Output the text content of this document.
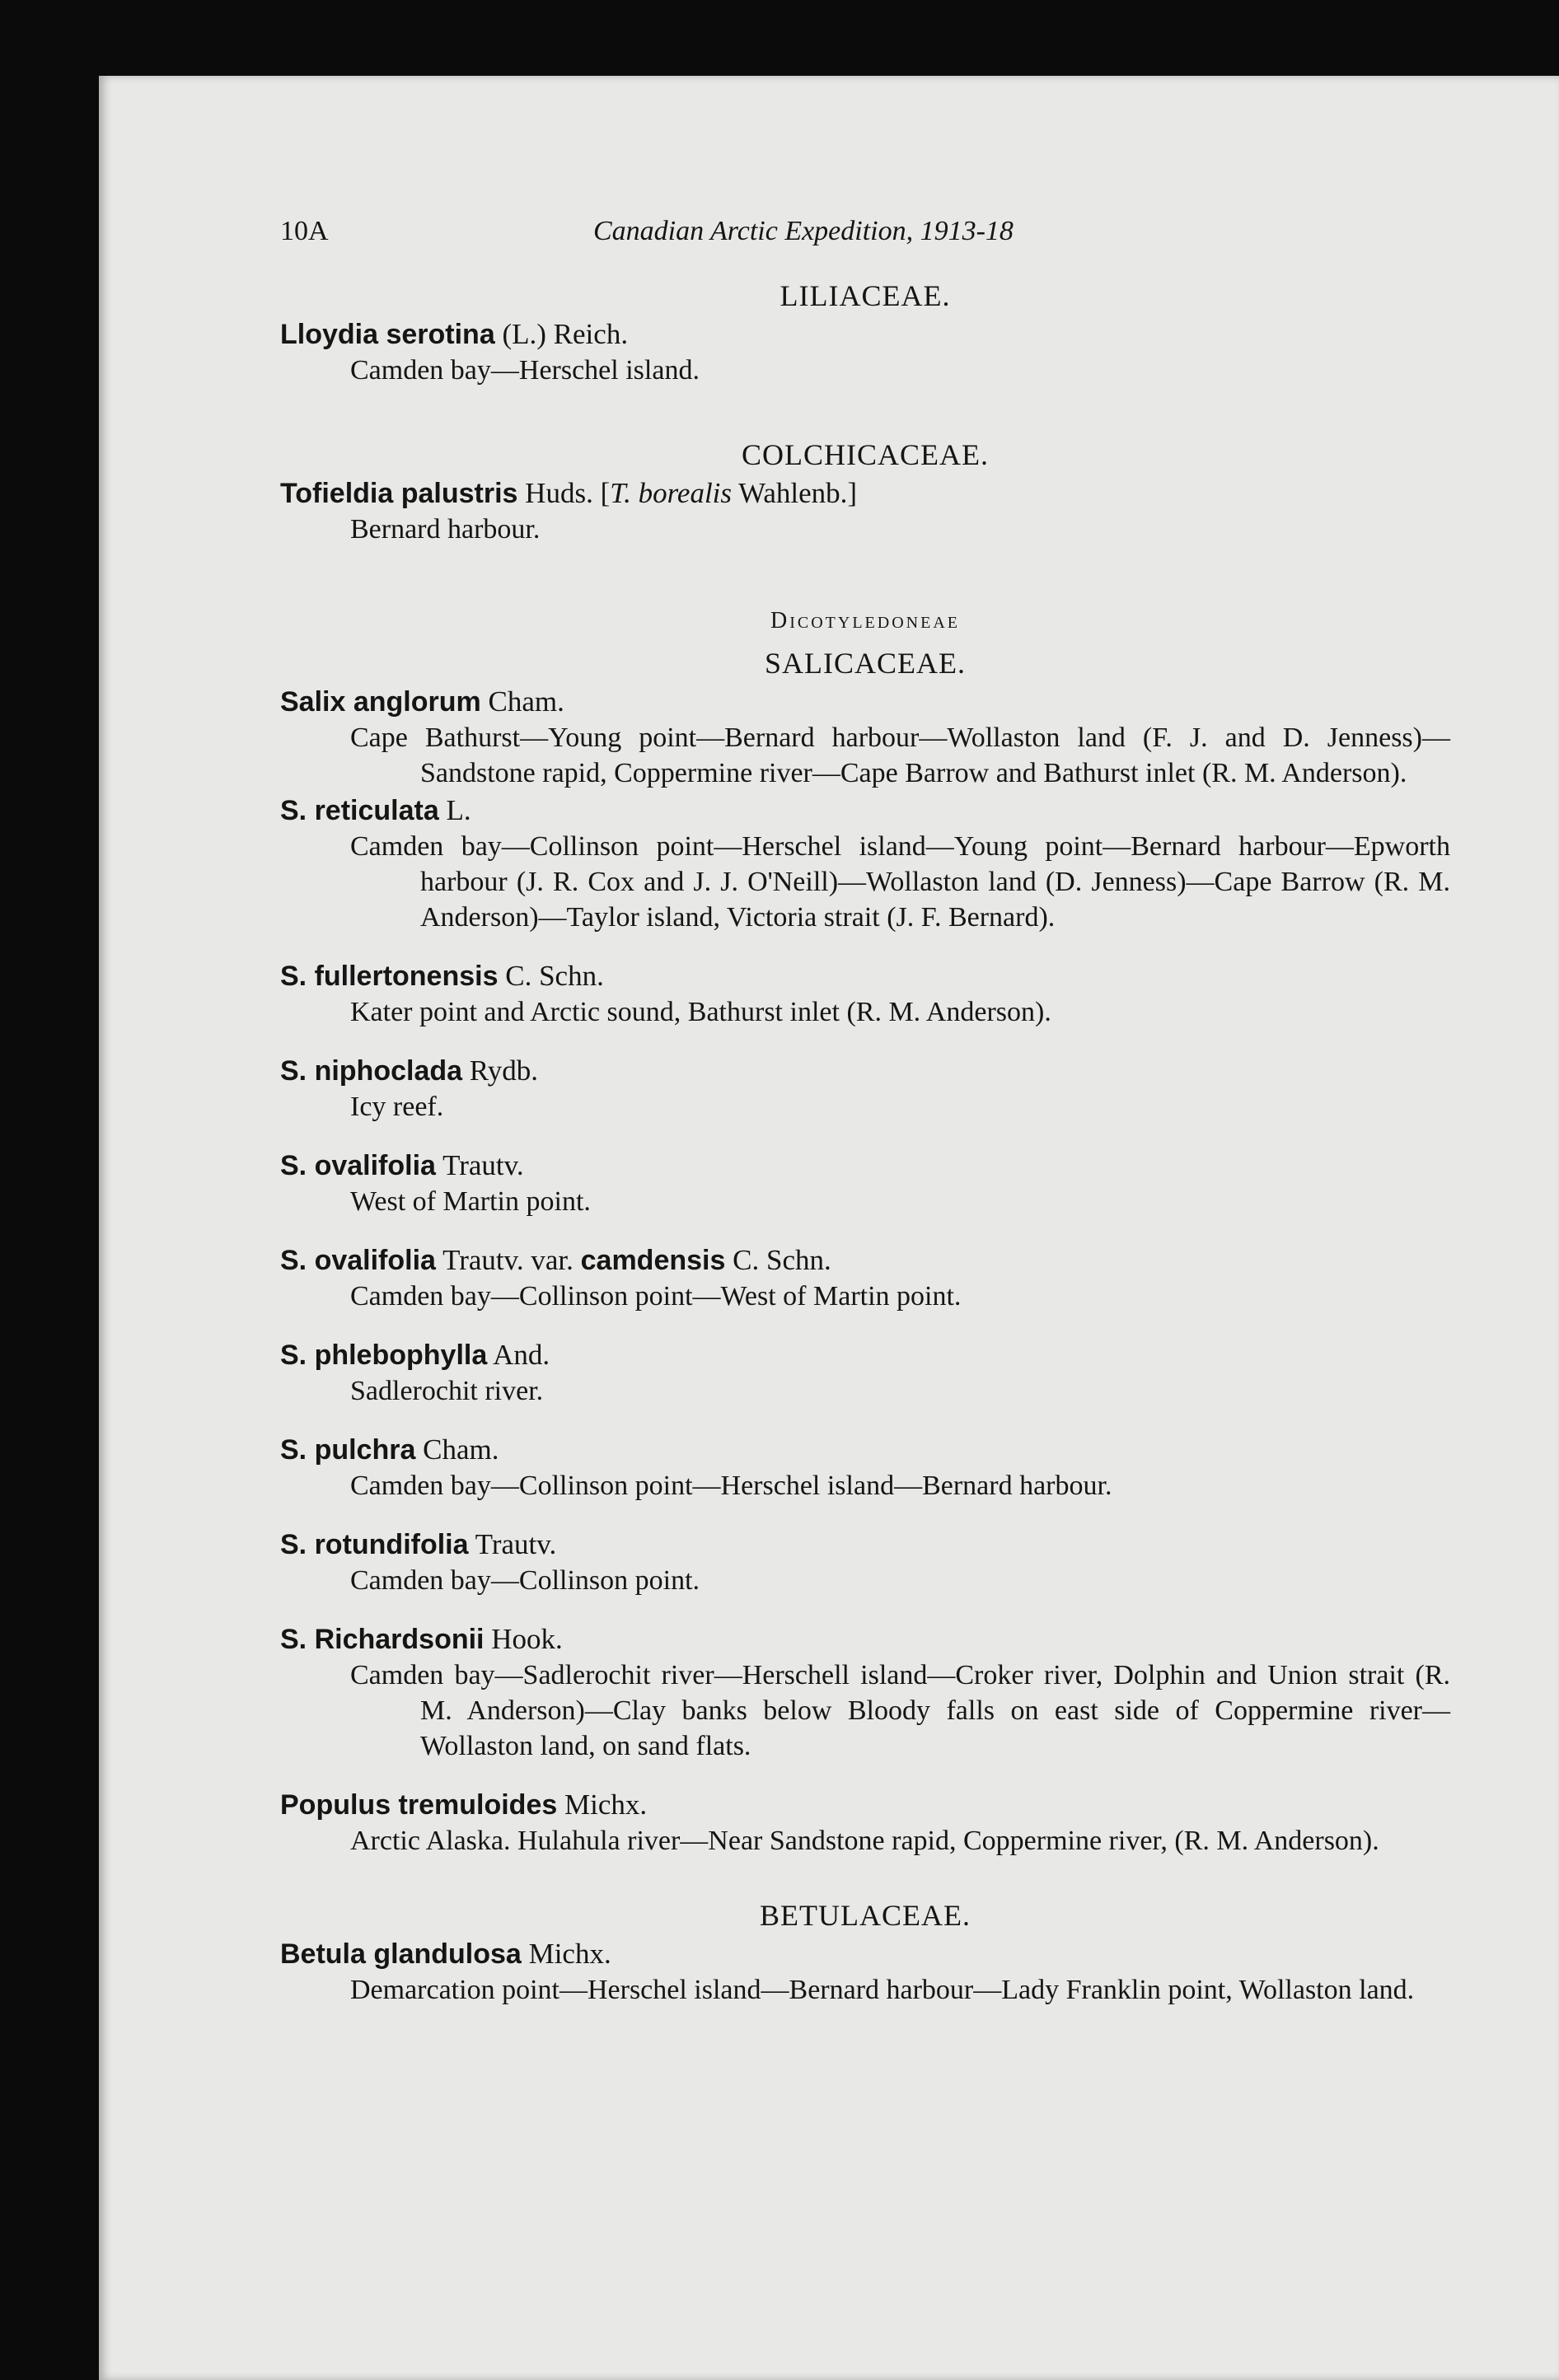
10A	Canadian Arctic Expedition, 1913-18
LILIACEAE.
Lloydia serotina (L.) Reich.
Camden bay—Herschel island.
COLCHICACEAE.
Tofieldia palustris Huds. [T. borealis Wahlenb.]
Bernard harbour.
Dicotyledoneae
SALICACEAE.
Salix anglorum Cham.
Cape Bathurst—Young point—Bernard harbour—Wollaston land (F. J. and D. Jenness)—Sandstone rapid, Coppermine river—Cape Barrow and Bathurst inlet (R. M. Anderson).
S. reticulata L.
Camden bay—Collinson point—Herschel island—Young point—Bernard harbour—Epworth harbour (J. R. Cox and J. J. O'Neill)—Wollaston land (D. Jenness)—Cape Barrow (R. M. Anderson)—Taylor island, Victoria strait (J. F. Bernard).
S. fullertonensis C. Schn.
Kater point and Arctic sound, Bathurst inlet (R. M. Anderson).
S. niphoclada Rydb.
Icy reef.
S. ovalifolia Trautv.
West of Martin point.
S. ovalifolia Trautv. var. camdensis C. Schn.
Camden bay—Collinson point—West of Martin point.
S. phlebophylla And.
Sadlerochit river.
S. pulchra Cham.
Camden bay—Collinson point—Herschel island—Bernard harbour.
S. rotundifolia Trautv.
Camden bay—Collinson point.
S. Richardsonii Hook.
Camden bay—Sadlerochit river—Herschell island—Croker river, Dolphin and Union strait (R. M. Anderson)—Clay banks below Bloody falls on east side of Coppermine river—Wollaston land, on sand flats.
Populus tremuloides Michx.
Arctic Alaska. Hulahula river—Near Sandstone rapid, Coppermine river, (R. M. Anderson).
BETULACEAE.
Betula glandulosa Michx.
Demarcation point—Herschel island—Bernard harbour—Lady Franklin point, Wollaston land.
